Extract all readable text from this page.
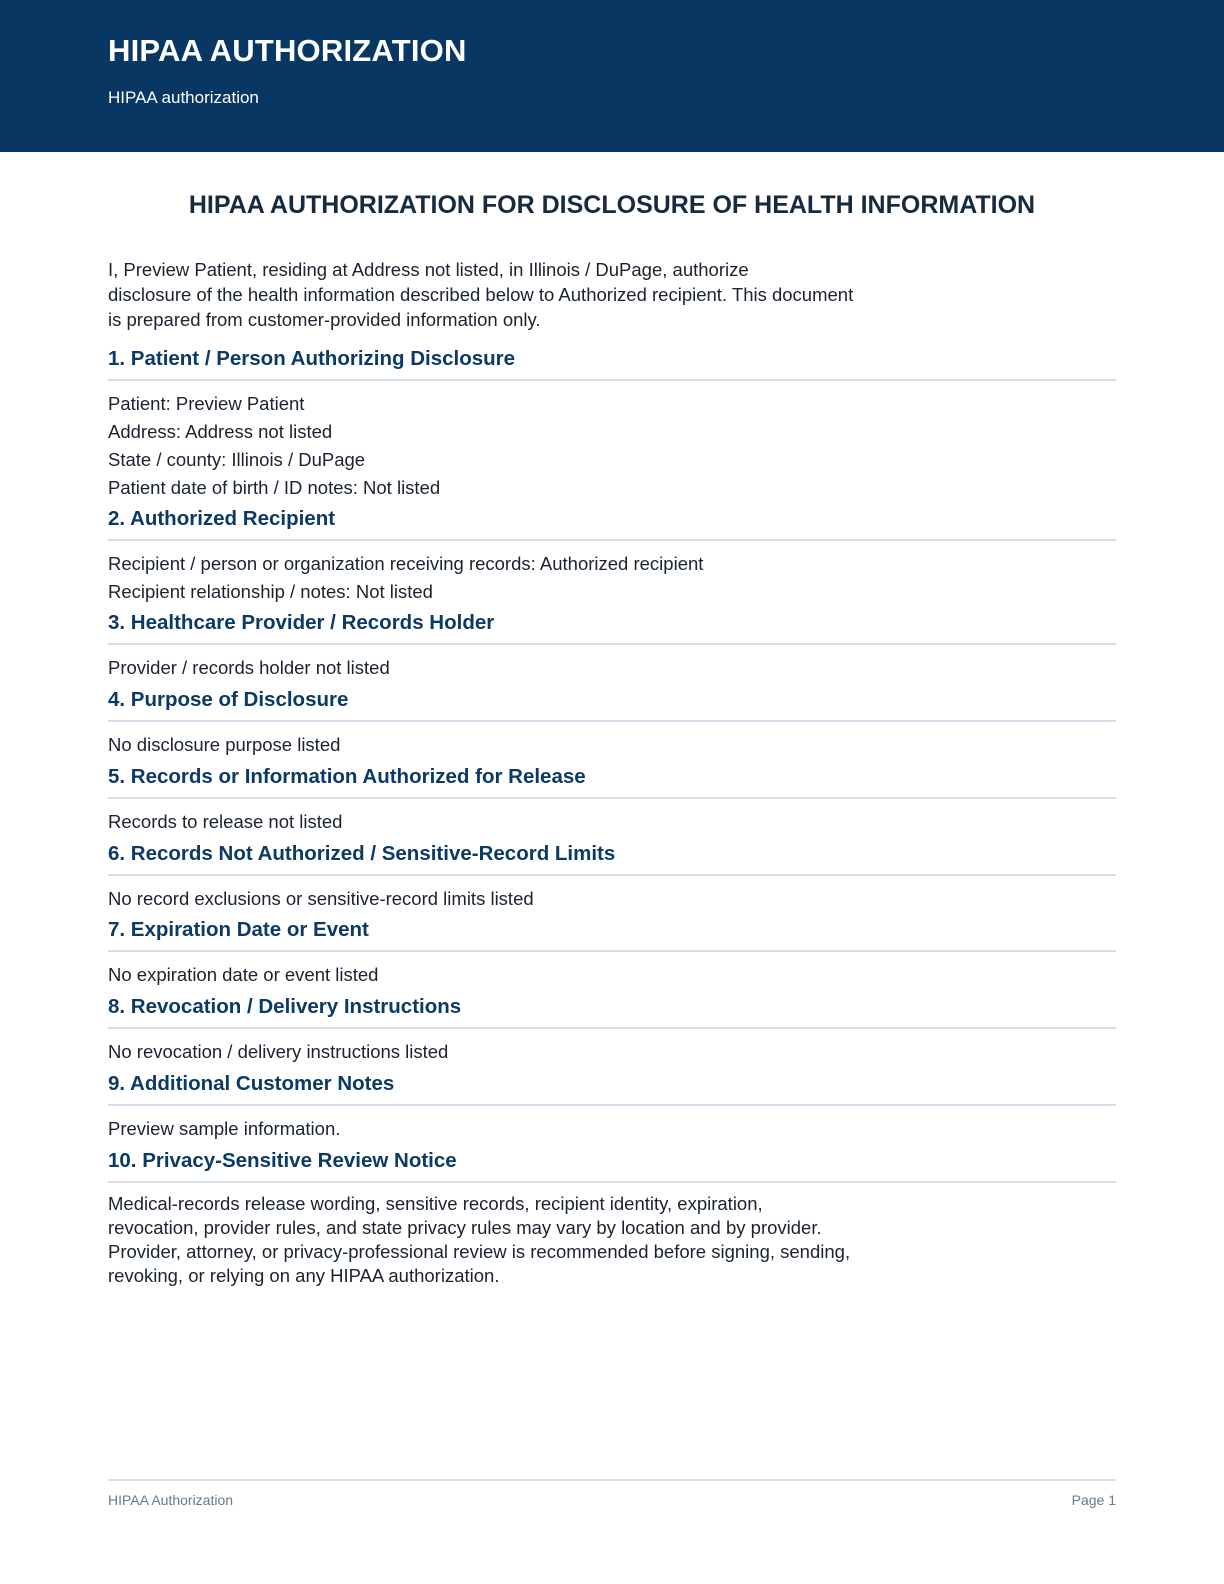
HIPAA AUTHORIZATION
HIPAA authorization
HIPAA AUTHORIZATION FOR DISCLOSURE OF HEALTH INFORMATION
I, Preview Patient, residing at Address not listed, in Illinois / DuPage, authorize
disclosure of the health information described below to Authorized recipient. This document
is prepared from customer-provided information only.
1. Patient / Person Authorizing Disclosure
Patient: Preview Patient
Address: Address not listed
State / county: Illinois / DuPage
Patient date of birth / ID notes: Not listed
2. Authorized Recipient
Recipient / person or organization receiving records: Authorized recipient
Recipient relationship / notes: Not listed
3. Healthcare Provider / Records Holder
Provider / records holder not listed
4. Purpose of Disclosure
No disclosure purpose listed
5. Records or Information Authorized for Release
Records to release not listed
6. Records Not Authorized / Sensitive-Record Limits
No record exclusions or sensitive-record limits listed
7. Expiration Date or Event
No expiration date or event listed
8. Revocation / Delivery Instructions
No revocation / delivery instructions listed
9. Additional Customer Notes
Preview sample information.
10. Privacy-Sensitive Review Notice
Medical-records release wording, sensitive records, recipient identity, expiration,
revocation, provider rules, and state privacy rules may vary by location and by provider.
Provider, attorney, or privacy-professional review is recommended before signing, sending,
revoking, or relying on any HIPAA authorization.
HIPAA Authorization	Page 1
